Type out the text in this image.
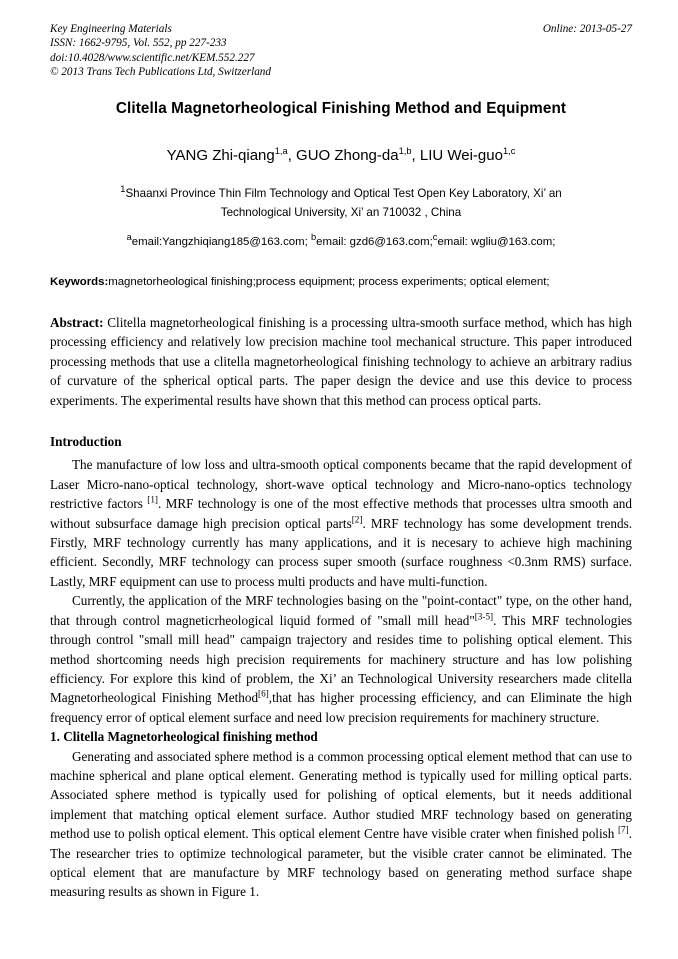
Key Engineering Materials
ISSN: 1662-9795, Vol. 552, pp 227-233
doi:10.4028/www.scientific.net/KEM.552.227
© 2013 Trans Tech Publications Ltd, Switzerland
Online: 2013-05-27
Clitella Magnetorheological Finishing Method and Equipment
YANG Zhi-qiang$^{1,a}$, GUO Zhong-da$^{1,b}$, LIU Wei-guo$^{1,c}$
$^1$Shaanxi Province Thin Film Technology and Optical Test Open Key Laboratory, Xi’ an Technological University, Xi’ an 710032 , China
$^a$email:Yangzhiqiang185@163.com; $^b$email: gzd6@163.com;$^c$email: wgliu@163.com;
Keywords:magnetorheological finishing;process equipment; process experiments; optical element;
Abstract: Clitella magnetorheological finishing is a processing ultra-smooth surface method, which has high processing efficiency and relatively low precision machine tool mechanical structure. This paper introduced processing methods that use a clitella magnetorheological finishing technology to achieve an arbitrary radius of curvature of the spherical optical parts. The paper design the device and use this device to process experiments. The experimental results have shown that this method can process optical parts.
Introduction

The manufacture of low loss and ultra-smooth optical components became that the rapid development of Laser Micro-nano-optical technology, short-wave optical technology and Micro-nano-optics technology restrictive factors [1]. MRF technology is one of the most effective methods that processes ultra smooth and without subsurface damage high precision optical parts[2]. MRF technology has some development trends. Firstly, MRF technology currently has many applications, and it is necesary to achieve high machining efficient. Secondly, MRF technology can process super smooth (surface roughness <0.3nm RMS) surface. Lastly, MRF equipment can use to process multi products and have multi-function.

Currently, the application of the MRF technologies basing on the "point-contact" type, on the other hand, that through control magneticrheological liquid formed of "small mill head"[3-5]. This MRF technologies through control "small mill head" campaign trajectory and resides time to polishing optical element. This method shortcoming needs high precision requirements for machinery structure and has low polishing efficiency. For explore this kind of problem, the Xi’ an Technological University researchers made clitella Magnetorheological Finishing Method[6],that has higher processing efficiency, and can Eliminate the high frequency error of optical element surface and need low precision requirements for machinery structure.

1. Clitella Magnetorheological finishing method

Generating and associated sphere method is a common processing optical element method that can use to machine spherical and plane optical element. Generating method is typically used for milling optical parts. Associated sphere method is typically used for polishing of optical elements, but it needs additional implement that matching optical element surface. Author studied MRF technology based on generating method use to polish optical element. This optical element Centre have visible crater when finished polish [7]. The researcher tries to optimize technological parameter, but the visible crater cannot be eliminated. The optical element that are manufacture by MRF technology based on generating method surface shape measuring results as shown in Figure 1.
